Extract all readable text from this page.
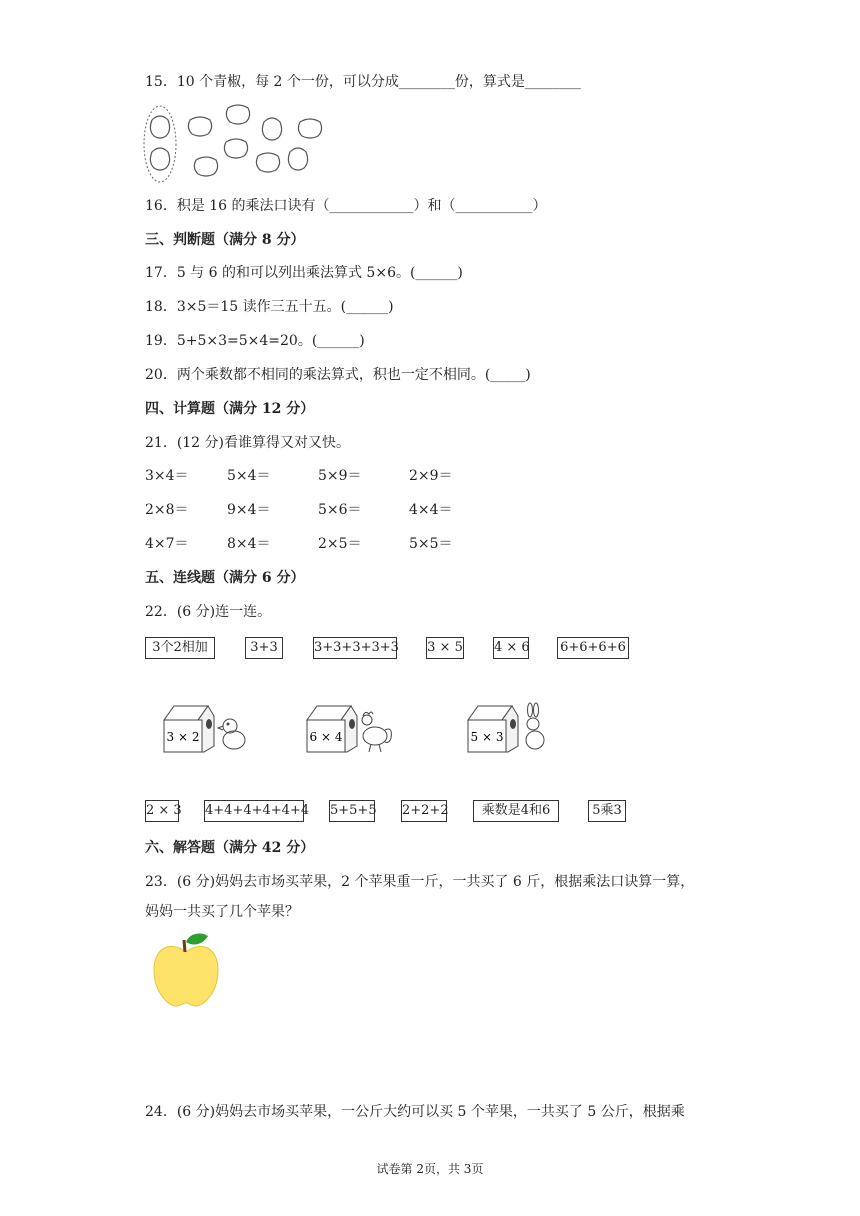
15．10 个青椒，每 2 个一份，可以分成________份，算式是________
16．积是 16 的乘法口诀有（____________）和（___________）
三、判断题（满分 8 分）
17．5 与 6 的和可以列出乘法算式 5×6。(______)
18．3×5＝15 读作三五十五。(______)
19．5+5×3=5×4=20。(______)
20．两个乘数都不相同的乘法算式，积也一定不相同。(_____)
四、计算题（满分 12 分）
21．(12 分)看谁算得又对又快。
3×4＝	5×4＝	5×9＝	2×9＝
2×8＝	9×4＝	5×6＝	4×4＝
4×7＝	8×4＝	2×5＝	5×5＝
五、连线题（满分 6 分）
22．(6 分)连一连。
3个2相加	3+3	3+3+3+3+3 3 × 5 4 × 6 6+6+6+6
3 × 2	6 × 4	5 × 3
2 × 3 4+4+4+4+4+4 5+5+5 2+2+2	乘数是4和6	5乘3
六、解答题（满分 42 分）
23．(6 分)妈妈去市场买苹果，2 个苹果重一斤，一共买了 6 斤，根据乘法口诀算一算，
妈妈一共买了几个苹果？
24．(6 分)妈妈去市场买苹果，一公斤大约可以买 5 个苹果，一共买了 5 公斤，根据乘
试卷第 2页，共 3页
